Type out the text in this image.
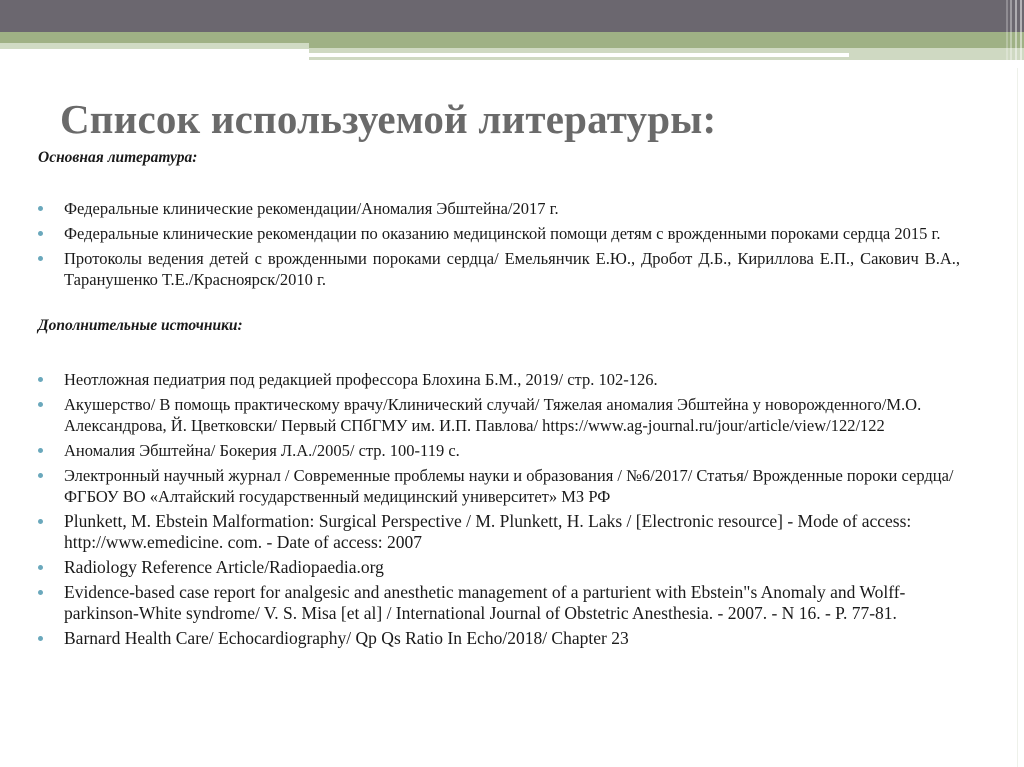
Список используемой литературы:

Основная литература:

Федеральные клинические рекомендации/Аномалия Эбштейна/2017 г.
Федеральные клинические рекомендации по оказанию медицинской помощи детям с врожденными пороками сердца 2015 г.
Протоколы ведения детей с врожденными пороками сердца/ Емельянчик Е.Ю., Дробот Д.Б., Кириллова Е.П., Сакович В.А., Таранушенко Т.Е./Красноярск/2010 г.

Дополнительные источники:

Неотложная педиатрия под редакцией профессора Блохина Б.М., 2019/ стр. 102-126.
Акушерство/ В помощь практическому врачу/Клинический случай/ Тяжелая аномалия Эбштейна у новорожденного/М.О. Александрова, Й. Цветковски/ Первый СПбГМУ им. И.П. Павлова/ https://www.ag-journal.ru/jour/article/view/122/122
Аномалия Эбштейна/ Бокерия Л.А./2005/ стр. 100-119 с.
Электронный научный журнал / Современные проблемы науки и образования / №6/2017/ Статья/ Врожденные пороки сердца/ ФГБОУ ВО «Алтайский государственный медицинский университет» МЗ РФ
Plunkett, M. Ebstein Malformation: Surgical Perspective / M. Plunkett, H. Laks / [Electronic resource] - Mode of access: http://www.emedicine. com. - Date of access: 2007
Radiology Reference Article/Radiopaedia.org
Evidence-based case report for analgesic and anesthetic management of a parturient with Ebstein"s Anomaly and Wolff-parkinson-White syndrome/ V. S. Misa [et al] / International Journal of Obstetric Anesthesia. - 2007. - N 16. - P. 77-81.
Barnard Health Care/ Echocardiography/ Qp Qs Ratio In Echo/2018/ Chapter 23
